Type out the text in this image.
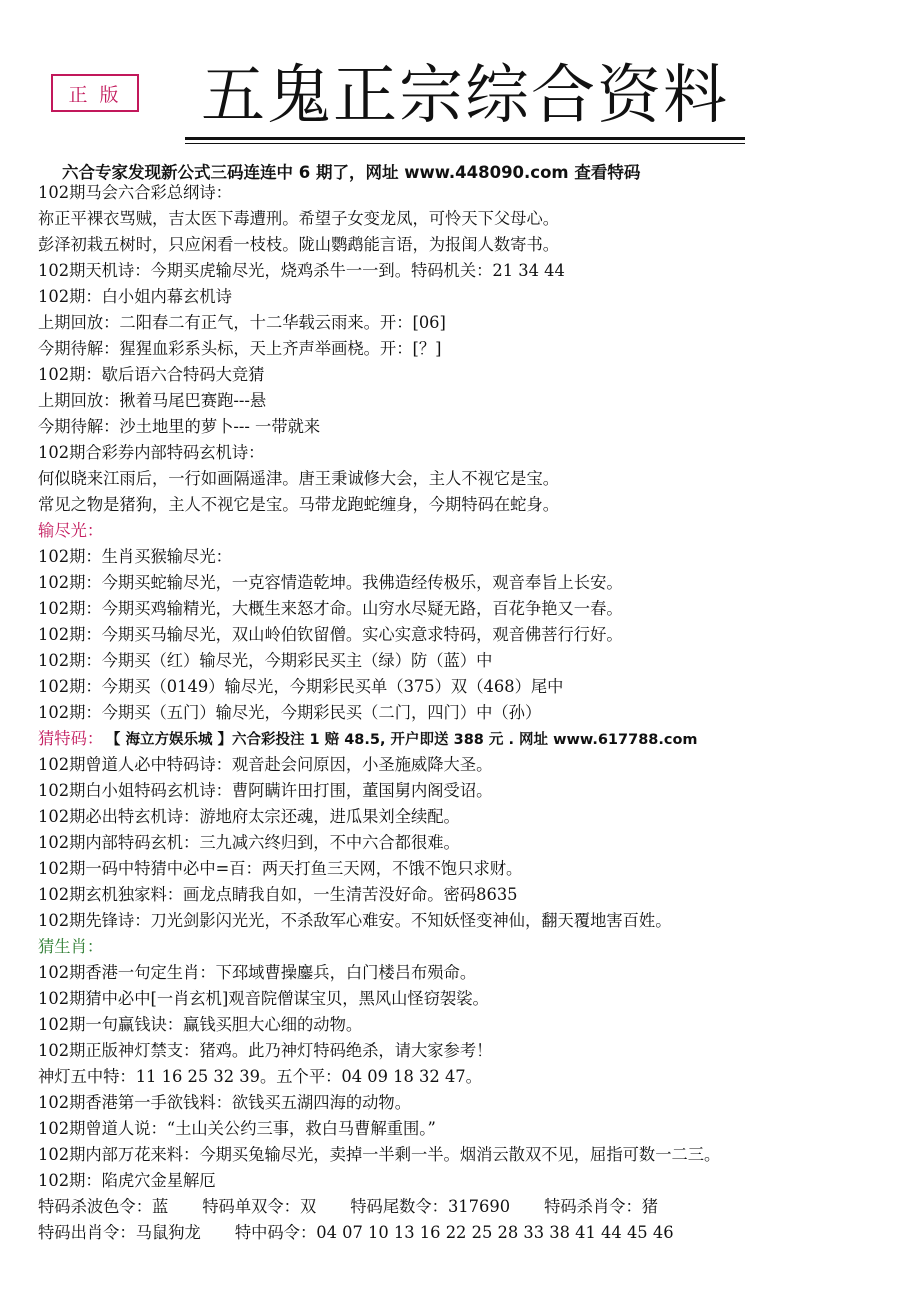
正 版	五鬼正宗综合资料
六合专家发现新公式三码连连中 6 期了，网址 www.448090.com 查看特码
102期马会六合彩总纲诗：
祢正平裸衣骂贼，吉太医下毒遭刑。希望子女变龙凤，可怜天下父母心。
彭泽初栽五树时，只应闲看一枝枝。陇山鹦鹉能言语，为报闺人数寄书。
102期天机诗：今期买虎输尽光，烧鸡杀牛一一到。特码机关：21 34 44
102期：白小姐内幕玄机诗
上期回放：二阳春二有正气，十二华载云雨来。开：[06]
今期待解：猩猩血彩系头标，天上齐声举画桡。开：[？]
102期：歇后语六合特码大竞猜
上期回放：揪着马尾巴赛跑---悬
今期待解：沙土地里的萝卜--- 一带就来
102期合彩券内部特码玄机诗：
何似晓来江雨后，一行如画隔遥津。唐王秉诚修大会，主人不视它是宝。
常见之物是猪狗，主人不视它是宝。马带龙跑蛇缠身，今期特码在蛇身。
输尽光：
102期：生肖买猴输尽光：
102期：今期买蛇输尽光，一克容情造乾坤。我佛造经传极乐，观音奉旨上长安。
102期：今期买鸡输精光，大概生来怒才命。山穷水尽疑无路，百花争艳又一春。
102期：今期买马输尽光，双山岭伯钦留僧。实心实意求特码，观音佛菩行行好。
102期：今期买（红）输尽光，今期彩民买主（绿）防（蓝）中
102期：今期买（0149）输尽光，今期彩民买单（375）双（468）尾中
102期：今期买（五门）输尽光，今期彩民买（二门，四门）中（孙）
猜特码： 【 海立方娱乐城 】六合彩投注 1 赔 48.5, 开户即送 388 元 . 网址 www.617788.com
102期曾道人必中特码诗：观音赴会问原因，小圣施威降大圣。
102期白小姐特码玄机诗：曹阿瞒许田打围，董国舅内阁受诏。
102期必出特玄机诗：游地府太宗还魂，进瓜果刘全续配。
102期内部特码玄机：三九减六终归到，不中六合都很难。
102期一码中特猜中必中=百：两天打鱼三天网，不饿不饱只求财。
102期玄机独家料：画龙点睛我自如，一生清苦没好命。密码8635
102期先锋诗：刀光剑影闪光光，不杀敌军心难安。不知妖怪变神仙，翻天覆地害百姓。
猜生肖：
102期香港一句定生肖：下邳域曹操鏖兵，白门楼吕布殒命。
102期猜中必中[一肖玄机]观音院僧谋宝贝，黑风山怪窃袈裟。
102期一句赢钱诀：赢钱买胆大心细的动物。
102期正版神灯禁支：猪鸡。此乃神灯特码绝杀，请大家参考！
神灯五中特：11 16 25 32 39。五个平：04 09 18 32 47。
102期香港第一手欲钱料：欲钱买五湖四海的动物。
102期曾道人说：“土山关公约三事，救白马曹解重围。”
102期内部万花来料：今期买兔输尽光，卖掉一半剩一半。烟消云散双不见，屈指可数一二三。
102期：陷虎穴金星解厄
特码杀波色令：蓝 特码单双令：双 特码尾数令：317690 特码杀肖令：猪
特码出肖令：马鼠狗龙 特中码令：04 07 10 13 16 22 25 28 33 38 41 44 45 46
